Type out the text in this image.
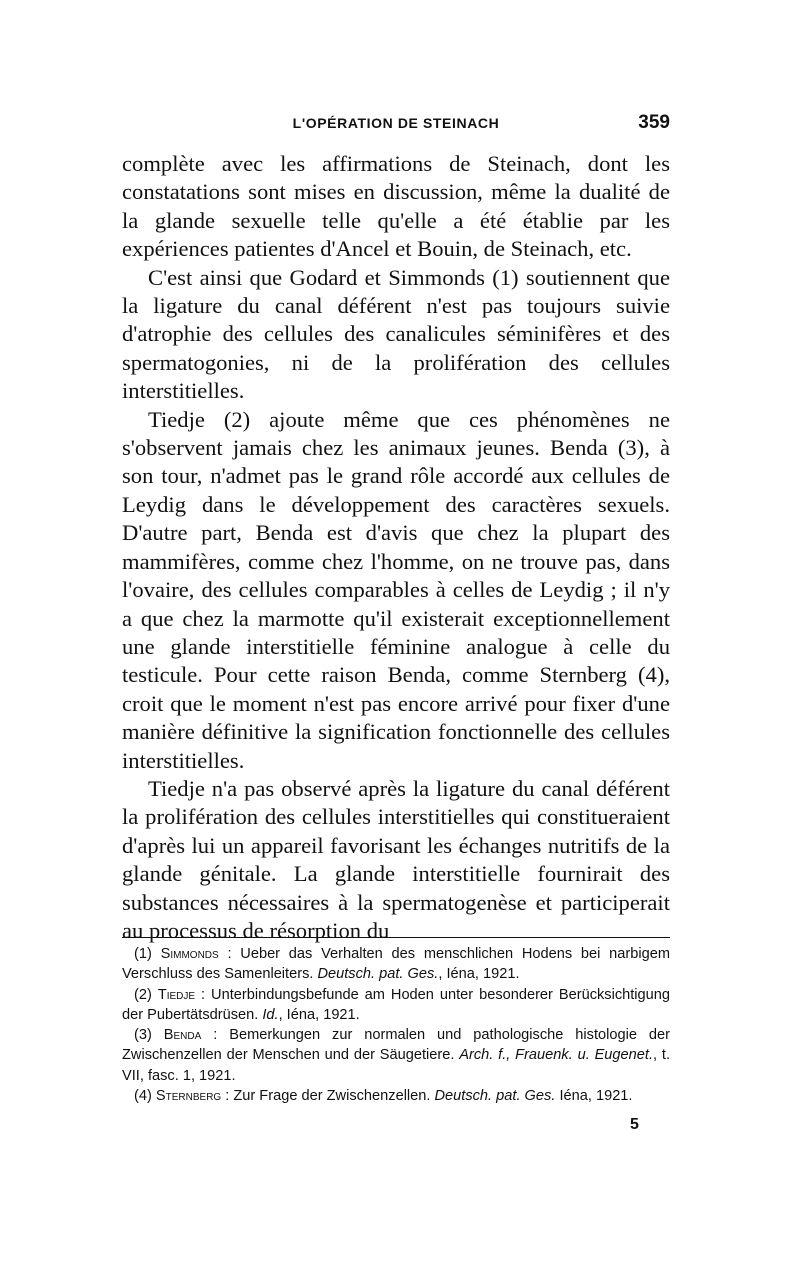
L'OPÉRATION DE STEINACH	359

complète avec les affirmations de Steinach, dont les constatations sont mises en discussion, même la dualité de la glande sexuelle telle qu'elle a été établie par les expériences patientes d'Ancel et Bouin, de Steinach, etc.

C'est ainsi que Godard et Simmonds (1) soutiennent que la ligature du canal déférent n'est pas toujours suivie d'atrophie des cellules des canalicules séminifères et des spermatogonies, ni de la prolifération des cellules interstitielles.

Tiedje (2) ajoute même que ces phénomènes ne s'observent jamais chez les animaux jeunes. Benda (3), à son tour, n'admet pas le grand rôle accordé aux cellules de Leydig dans le développement des caractères sexuels. D'autre part, Benda est d'avis que chez la plupart des mammifères, comme chez l'homme, on ne trouve pas, dans l'ovaire, des cellules comparables à celles de Leydig ; il n'y a que chez la marmotte qu'il existerait exceptionnellement une glande interstitielle féminine analogue à celle du testicule. Pour cette raison Benda, comme Sternberg (4), croit que le moment n'est pas encore arrivé pour fixer d'une manière définitive la signification fonctionnelle des cellules interstitielles.

Tiedje n'a pas observé après la ligature du canal déférent la prolifération des cellules interstitielles qui constitueraient d'après lui un appareil favorisant les échanges nutritifs de la glande génitale. La glande interstitielle fournirait des substances nécessaires à la spermatogenèse et participerait au processus de résorption du

(1) Simmonds : Ueber das Verhalten des menschlichen Hodens bei narbigem Verschluss des Samenleiters. Deutsch. pat. Ges., Iéna, 1921.

(2) Tiedje : Unterbindungsbefunde am Hoden unter besonderer Berücksichtigung der Pubertätsdrüsen. Id., Iéna, 1921.

(3) Benda : Bemerkungen zur normalen und pathologische histologie der Zwischenzellen der Menschen und der Säugetiere. Arch. f., Frauenk. u. Eugenet., t. VII, fasc. 1, 1921.

(4) Sternberg : Zur Frage der Zwischenzellen. Deutsch. pat. Ges. Iéna, 1921.

5
